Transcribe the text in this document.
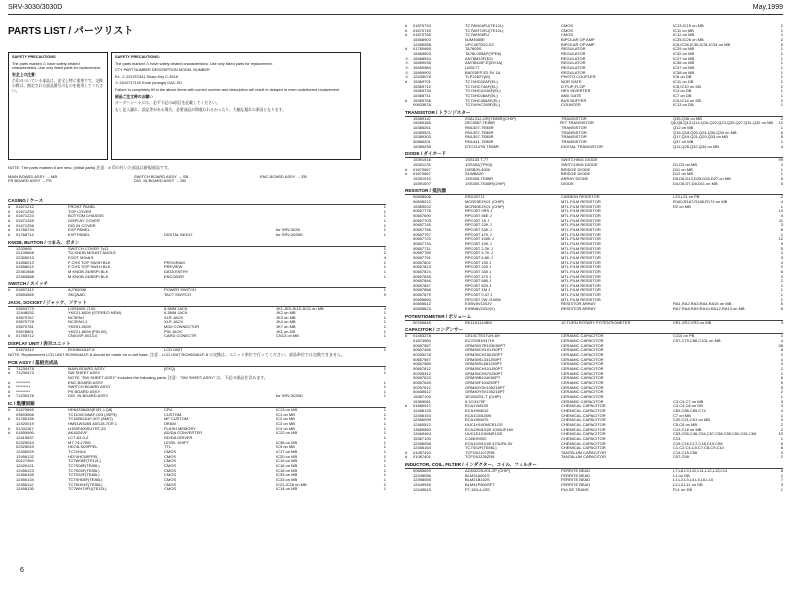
SRV-3030/3030D	May,1999
PARTS LIST / パーツリスト

SAFETY PRECAUTIONS

The parts marked ⚠ have safety-related characteristics. Use only listed parts for replacement.

安全上の注意：

⚠印のついている部品は、安全上特に重要です。交換の際は、指定された部品番号のものを使用してください。

SAFETY PRECAUTIONS:

The parts marked ⚠ have safety-related characteristics. Use only listed parts for replacement.

CTY PART NUMBER DESCRIPTION MODEL NUMBER

Ex. ⚠ 2237E2341 Sharp Key C-3918

⚠ 2A10717100 Knob (orange) DAC-SD

Failure to completely fill in the above items with correct number and description will result in delayed or even undelivered replacement.

部品ご注文時のお願い

オーダーシートには、必ず下記の4項目を記載してください。

もし記入漏れ、誤記等がある場合、必要部品が間違われるかったり、大幅な遅れの原因となります。

NOTE: The parts marked # are new. (Initial parts) 注意：# 印の付いた部品は新規部品です。
MAIN BOARD ASSY → MB	SWITCH BOARD ASSY → SB	ENC BOARD ASSY → EB
PS BOARD ASSY → PS	DIG. IN BOARD ASSY → DB
CASING / ケース
#	01671212	FRONT PANEL	1
#	01671234	TOP COVER	1
#	01671223	BOTTOM CHASSIS	1
#	01671245	DISPLAY COVER	1
#	01671256	DIG IN COVER	1
#	01768734	EXP PANEL	for SRV-3030	1
#	01768712	EXP PANEL	DIGITAL INOUT	for SRV-3030D	1
KNOB, BUTTON / つまみ、ボタン
1233905	SWITCH COVER 7x11	1
22105668	TU KNOB MOUNT ANGLE	2
22305013	FOOT M3x8.5	4
01658213	F CHS TOP SW4H BLK	PROGRAM	1
01658012	F CHS TOP SW1H BLK	PREVIEW	1
22461588	M KNOB 24/BSPI BLK	DATA ENTRY	1
22483588	M KNOB 24/BSPI BLK	ENCODER	1
SWITCH / スイッチ
#	01697412	AJ760008	POWER SWITCH	1
03694565	SKQNAD	TACT SWITCH	9
JACK, SOCKET / ジャック、ソケット
03694773	LGR4609-7100	6.3MM JACK	JK1,JK5,JK10,JK11 on MB	4
12448032	YKE21-6009 (STEREO NEW)	6.3MM JACK	JK2 on MB	1
03670767	NC3FAH	XLR JACK	JK3 on MB	1
03670778	NC3FAH-1	XLR JACK	JK4 on MB	1
03670781	YKE51-0009	MIDI CONNECTOR	JK7 on MB	1
03678801	YKE21-8004 (PIN 00)	PIN JACK	JK1 on DB	1
#	01768712	CN01SP-0013-0	CARD CONECTR	CN13 on MB	1
DISPLAY UNIT / 表示ユニット
01670312	ROH604A1F-8	LCD UNIT	1
NOTE: Replacement LCD UNIT ROH604A1F-8 should be made on a unit base. 注意：LCD UNIT ROH604A1F-8 の交換は、ユニット単位で行ってください。部品単位では交換できません。
PCB ASSY / 基板完成品
#	71230478	MAIN BOARD ASSY	(EXQ)	1
#	71230473	SW SHEET ASSY	1
NOTE: "SW SHEET ASSY" includes the following parts. 注意："SW SHEET ASSY" は、下記の部品を含みます。
#	*********	ENC BOARD ASSY	1
#	*********	SWITCH BOARD ASSY	1
#	*********	PS BOARD ASSY	1
#	71230476	DIG. IN BOARD ASSY	for SRV-3030D	1
IC / 集積回路
#	01670669	HD64338459(EXR, LQ8)	CPU	IC13 on MB	1
03693566	TC1100CN5AF-003 (3SP3)	CUSTOM	IC1 on MB	1
#	01780156	TC18062A1F-007 (AMO)	MF CUSTOM	IC2 on MB	1
12420019	HM51W4265 A0GJ8-7CR 1	DRAM	IC3 on MB	1
#	01341167	LH28F400SUTHT-Z0	FLASH MEMORY	IC4 on MB	1
#	01655990	AK4524VF	AD/DA CONVERTER	IC22 on MB	1
12415637	LC7-63-0-Z	DD/DA DRIVER	1
02325010	M7-74-17BG	LEVEL SHIFT	IC36 on MB	1
02325049	HD74LS09FPEL	TTL	IC9 on MB	1
12456029	TC74HU4	CMOS	IC17 on MB	1
12456132	HD74HC08FPEL	CMOS	IC20 on MB	1
00127450	TC7W08F(TE12L)	CMOS	IC19 on MB	1
12426121	TC7S08F(TE85L)	CMOS	IC16 on MB	1
12456123	TC7S04F(TE85L)	CMOS	IC18 on MB	1
12456155	TC7S32F(TE85L)	CMOS	IC35 on MB	1
12456134	TC7SH08F(TE85L)	CMOS	IC33 on MB	1
12456112	TC7SH04F(TE85L)	CMOS	IC21,IC28 on MB	2
12456130	TC7WH74FU(TE12L)	CMOS	IC14 on MB	1
#	01670734	TC7WH04FU(TE12L)	CMOS	IC13,IC15 on MB	2
#	01670745	TC7WH74FU(TE12L)	CMOS	IC11 on MB	1
#	01670756	TC7WH08FU	CMOS	IC12 on MB	1
15468903	NJM4580E	BIPOLAR OP AMP	IC25,IC26 on MB	2
12456058	UPC4570G2-E2	BIPOLAR OP AMP	IC8,IC28,IC30,IC31,IC34 on MB	5
#	01780669	TA7805S	REGULATOR	IC29 on MB	1
15469503	TA78L005AP(TPE6)	REGULATOR	IC32 on MB	1
⚠	15468944	AN78M10F(E2)	REGULATOR	IC27 on MB	1
⚠	15469935	AN78N15F-E(5V/1A)	REGULATOR	IC36 on MB	1
⚠	15469984	LM317T	REGULATOR	IC37 on MB	1
⚠	15469902	BA033FP-E2 5V 1A	REGULATOR	IC38 on MB	1
⚠	12435078	TLP2262Y(M)	PHOTO COUPLER	IC6 on DB	1
#	15369701	TC74HC02AF(EL)	NOR GATE	IC11 on DB	1
15369712	TC74HC74AF(EL)	D FLIP-FLOP	IC8,IC10 on DB	2
15369734	TC74HCU04AF(EL)	HEX INVERTER	IC4 on DB	1
15368741	TC74HC08AF(EL)	AND GATE	IC7 on DB	1
#	15369756	TC74HC365AF(EL)	BUS BUFFER	IC5,IC14 on DB	2
00633876	TC74VHC393F(EL)	COUNTER	IC13 on DB	1
TRANSISTOR / トランジスター
15389110	2SA1312-GR(TE85R)(CHIP)	TRANSISTOR	Q35,Q36 on MB	2
15389156	2SC3587-TE85R	FET TRANSISTOR	Q6,Q8,Q13,Q14,Q16,Q22,Q23,Q25,Q27,Q31,Q32 on MB	12
15386261	RN1307-TE85R	TRANSISTOR	Q12 on MB	1
15389521	RN1307-TE85R	TRANSISTOR	Q16,Q18,Q20,Q24,Q30,Q34 on MB	6
15389303	RN1307-TE85R	TRANSISTOR	Q17,Q19,Q21,Q29,Q33 on MB	5
00866201	RN1441-TE85R	TRANSISTOR	Q37 on MB	1
15389295	DTC314TN TE85R	DIGITAL TRANSISTOR	Q11,Q26,Q32,Q34 on MB	4
DIODE / ダイオード
15391518	1SS133 T-77	SWITCHING DIODE	99
15391178	1SS352(TPH3)	SWITCHING DIODE	D1,D3 on MB	2
#	01670667	D3SB20-4000	BRIDGE DIODE	D11 on MB	1
#	01670667	S1WBA20	BRIDGE DIODE	D12 on MB	1
15391010	1SS309-TE85R	ARRAY DIODE	D5,D6,D13,D25,D26,D27 on MB	6
15391007	1SS300-TE85R(CHIP)	DIODE	D4,D6,D7,D8,D11 on MB	5
RESISTOR / 抵抗器
00698008	ERD25TJ1	CARBON RESISTOR	L23,L24 on PB	2
00695212	MCR03EZHJ1 (CHIP)	MTL.FILM RESISTOR	R160,R167,R168,R174 on MB	4
15369022	MCR50EZHJ1 (CHIP)	MTL.FILM RESISTOR	R2 on MB	1
00657778	RPC05T 0RS J	MTL.FILM RESISTOR	14
00657690	RPC05T 56E J	MTL.FILM RESISTOR	4
00657703	RPC05T 1K J	MTL.FILM RESISTOR	11
00657745	RPC05T 22K J	MTL.FILM RESISTOR	3
00657756	RPC05T 33K J	MTL.FILM RESISTOR	8
00657767	RPC05T 47K J	MTL.FILM RESISTOR	1
00657723	RPC05T 100K J	MTL.FILM RESISTOR	12
00657734	RPC05T 10K J	MTL.FILM RESISTOR	9
00657711	RPC05T 2.2K J	MTL.FILM RESISTOR	5
00657789	RPC05T 4.7K J	MTL.FILM RESISTOR	2
00657791	RPC05T 6.8K J	MTL.FILM RESISTOR	3
00657802	RPC05T 150 J	MTL.FILM RESISTOR	4
00657813	RPC05T 220 J	MTL.FILM RESISTOR	2
00657824	RPC05T 330 J	MTL.FILM RESISTOR	6
00657835	RPC05T 470 J	MTL.FILM RESISTOR	3
00657846	RPC05T 680 J	MTL.FILM RESISTOR	2
00657857	RPC05T 820 J	MTL.FILM RESISTOR	1
00657868	RPC05T 1M J	MTL.FILM RESISTOR	1
00657879	RPC05T 0.47 J	MTL.FILM RESISTOR	1
00655660	RPC05T 2W J100W	MTL.FILM RESISTOR	1
00655612	EXBV8V100JV	RESISTOR ARRAY	RA1,RA2,RA3,RA4,RA15 on MB	5
00655623	EXBN8V103J(V)	RESISTOR ARRAY	RA7,RA8,RA9,RA10,RA12,RA13 on MB	6
POTENTIOMETER / ボリューム
00765645	RK11K1110BM	10 TURN ROTARY POTENTIOMETER	VR1,VR2,VR3 on MB	3
CAPACITOR / コンデンサー
#	01453278	CE10CTE47UH-6H	CERAMIC CAPACITOR	C114 on PB	1
01874560	ECJ2VB1H471K	CERAMIC CAPACITOR	C57,C79,C86,C101 on MB	4
00657567	GRM39X7R103K50PT	CERAMIC CAPACITOR	38
00657456	GRM39CH101J50PT	CERAMIC CAPACITOR	8
00255278	GRM39CH150J50PT	CERAMIC CAPACITOR	2
00657567	GRM39SL331J50PT	CERAMIC CAPACITOR	4
00657589	GRM39SL681J50PT	CERAMIC CAPACITOR	3
00657612	GRM39CH101J50PT	CERAMIC CAPACITOR	2
00255312	GRM39CH470J50PT	CERAMIC CAPACITOR	1
00657623	GRM39B104K50PT	CERAMIC CAPACITOR	6
00657645	GRM39F104Z50PT	CERAMIC CAPACITOR	5
00257612	GRM40Y5V105Z16PT	CERAMIC CAPACITOR	5
00655612	GRM40Y5V105Z16PT	CERAMIC CAPACITOR	2
15367100	1E105ZS1-T (CHIP)	CERAMIC CAPACITOR	1
15369061	0.1CH475F	CERAMIC CAPACITOR	C3,C4,C7 on MB	3
#	01680912	ECA1VM100	CHEMICAL CAPACITOR	C3,C4,C8 on DB	3
12456133	ECA1HM010	CHEMICAL CAPACITOR	C69,C86,C89,C74	4
12456154	ECA1CM100B	CHEMICAL CAPACITOR	C7 on MB	1
12456099	ECA1HM470	CHEMICAL CAPACITOR	C20,C21,C61 on MB	3
12460512	UUC1H100MCR1GS	CHEMICAL CAPACITOR	C5,C6 on MB	2
13689560	ECA1HM101B 1000UF16V	CHEMICAL CAPACITOR	C12,C16 on MB	2
13469464	UUC1E101MNR1GS	CHEMICAL CAPACITOR	C53,C55,C46,C54,C57,C58,C59,C60,C61,C66	10
15367100	CJ450H30C	CHEMICAL CAPACITOR	C13	1
12456058	ECA1CM101B 470UF6.3V	CHEMICAL CAPACITOR	C15,C16,C17,C18,C19,C58	6
12456154	TC7S02F(TE85L)	CHEMICAL CAPACITOR	C1,C2,C4,C5,C7,C8,C9,C10	8
#	01087410	TCFG0J107ZR8	TANTALUM CAPACITOR	C14,C15,C56	3
#	01087401	TCFG0J226ZR8	TANTALUM CAPACITOR	C57,C58	2
INDUCTOR, COIL, FILTER / インダクター、コイル、フィルター
00655659	ACM3225-201-2P (CHIP)	FERRITE BEAD	L7,L8,L9,L10,L11,L12,L13,L14	8
12448056	BLM31A601S	FERRITE BEAD	L1 on DB	1
12398055	BLM21B102S	FERRITE BEAD	L1,L2,L3,L4,L5,L6,L15	7
12449945	BLM41P800SPT	FERRITE BEAD	L2,L3,L11 on DB	3
12449615	FT-153-4-43S	PULSE TRANS	FL1 on DB	1
6
